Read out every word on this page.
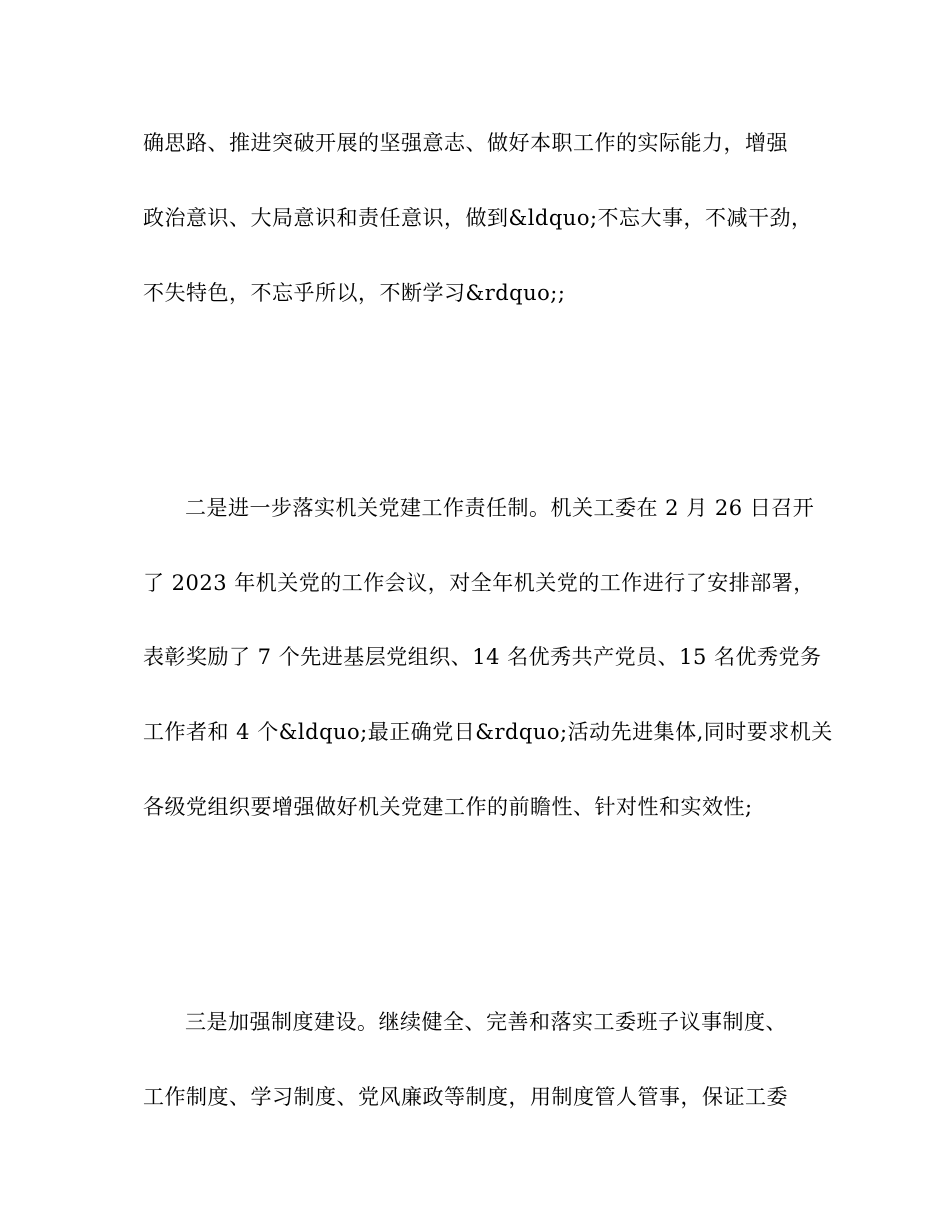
确思路、推进突破开展的坚强意志、做好本职工作的实际能力，增强
政治意识、大局意识和责任意识，做到&ldquo;不忘大事，不减干劲，
不失特色，不忘乎所以，不断学习&rdquo;;
二是进一步落实机关党建工作责任制。机关工委在 2 月 26 日召开
了 2023 年机关党的工作会议，对全年机关党的工作进行了安排部署，
表彰奖励了 7 个先进基层党组织、14 名优秀共产党员、15 名优秀党务
工作者和 4 个&ldquo;最正确党日&rdquo;活动先进集体,同时要求机关
各级党组织要增强做好机关党建工作的前瞻性、针对性和实效性;
三是加强制度建设。继续健全、完善和落实工委班子议事制度、
工作制度、学习制度、党风廉政等制度，用制度管人管事，保证工委
